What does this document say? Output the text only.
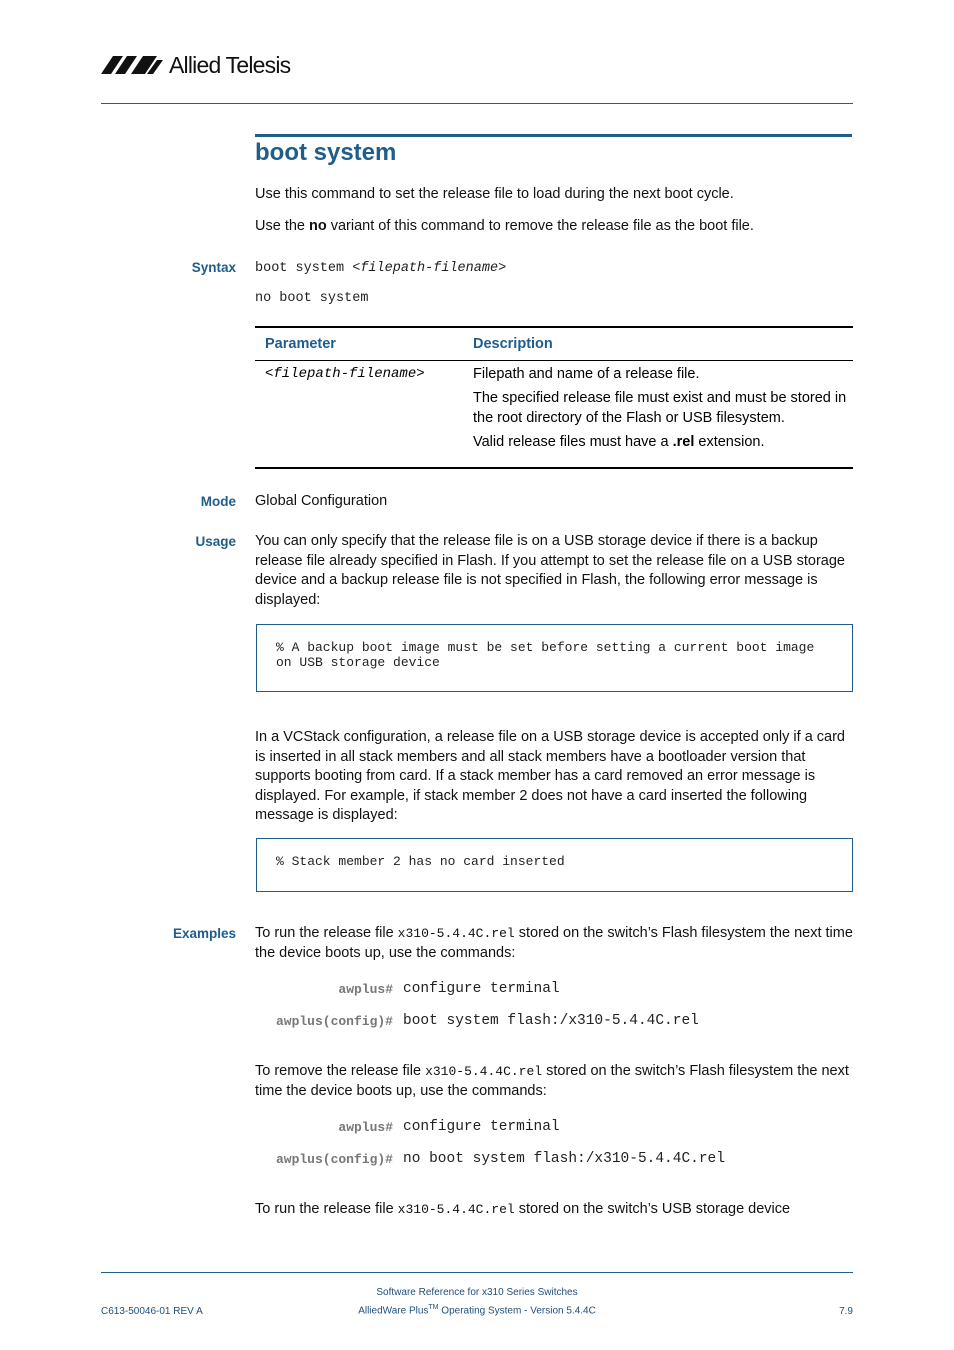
Allied Telesis
boot system
Use this command to set the release file to load during the next boot cycle.
Use the no variant of this command to remove the release file as the boot file.
Syntax boot system <filepath-filename>
no boot system
Parameter	Description
<filepath-filename>	Filepath and name of a release file.

The specified release file must exist and must be stored in the root directory of the Flash or USB filesystem.

Valid release files must have a .rel extension.

Mode Global Configuration
Usage You can only specify that the release file is on a USB storage device if there is a backup release file already specified in Flash. If you attempt to set the release file on a USB storage device and a backup release file is not specified in Flash, the following error message is displayed:
% A backup boot image must be set before setting a current boot image on USB storage device
In a VCStack configuration, a release file on a USB storage device is accepted only if a card is inserted in all stack members and all stack members have a bootloader version that supports booting from card. If a stack member has a card removed an error message is displayed. For example, if stack member 2 does not have a card inserted the following message is displayed:
% Stack member 2 has no card inserted
Examples To run the release file x310-5.4.4C.rel stored on the switch’s Flash filesystem the next time the device boots up, use the commands:
awplus# configure terminal
awplus(config)# boot system flash:/x310-5.4.4C.rel
To remove the release file x310-5.4.4C.rel stored on the switch’s Flash filesystem the next time the device boots up, use the commands:
awplus# configure terminal
awplus(config)# no boot system flash:/x310-5.4.4C.rel
To run the release file x310-5.4.4C.rel stored on the switch’s USB storage device
Software Reference for x310 Series Switches
C613-50046-01 REV A	AlliedWare Plus™ Operating System - Version 5.4.4C	7.9
